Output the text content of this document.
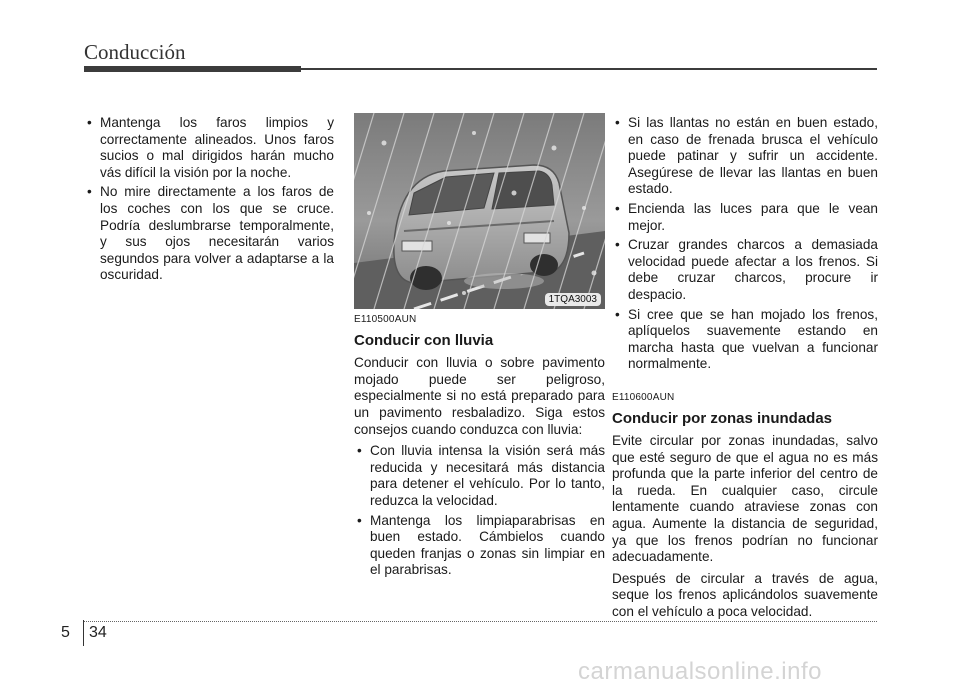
Conducción
• Mantenga los faros limpios y correctamente alineados. Unos faros sucios o mal dirigidos harán mucho vás difícil la visión por la noche.
• No mire directamente a los faros de los coches con los que se cruce. Podría deslumbrarse temporalmente, y sus ojos necesitarán varios segundos para volver a adaptarse a la oscuridad.
1TQA3003
E110500AUN
Conducir con lluvia

Conducir con lluvia o sobre pavimento mojado puede ser peligroso, especialmente si no está preparado para un pavimento resbaladizo. Siga estos consejos cuando conduzca con lluvia:

• Con lluvia intensa la visión será más reducida y necesitará más distancia para detener el vehículo. Por lo tanto, reduzca la velocidad.
• Mantenga los limpiaparabrisas en buen estado. Cámbielos cuando queden franjas o zonas sin limpiar en el parabrisas.
• Si las llantas no están en buen estado, en caso de frenada brusca el vehículo puede patinar y sufrir un accidente. Asegúrese de llevar las llantas en buen estado.
• Encienda las luces para que le vean mejor.
• Cruzar grandes charcos a demasiada velocidad puede afectar a los frenos. Si debe cruzar charcos, procure ir despacio.
• Si cree que se han mojado los frenos, aplíquelos suavemente estando en marcha hasta que vuelvan a funcionar normalmente.
E110600AUN
Conducir por zonas inundadas

Evite circular por zonas inundadas, salvo que esté seguro de que el agua no es más profunda que la parte inferior del centro de la rueda. En cualquier caso, circule lentamente cuando atraviese zonas con agua. Aumente la distancia de seguridad, ya que los frenos podrían no funcionar adecuadamente.

Después de circular a través de agua, seque los frenos aplicándolos suavemente con el vehículo a poca velocidad.

5 34
carmanualsonline.info
